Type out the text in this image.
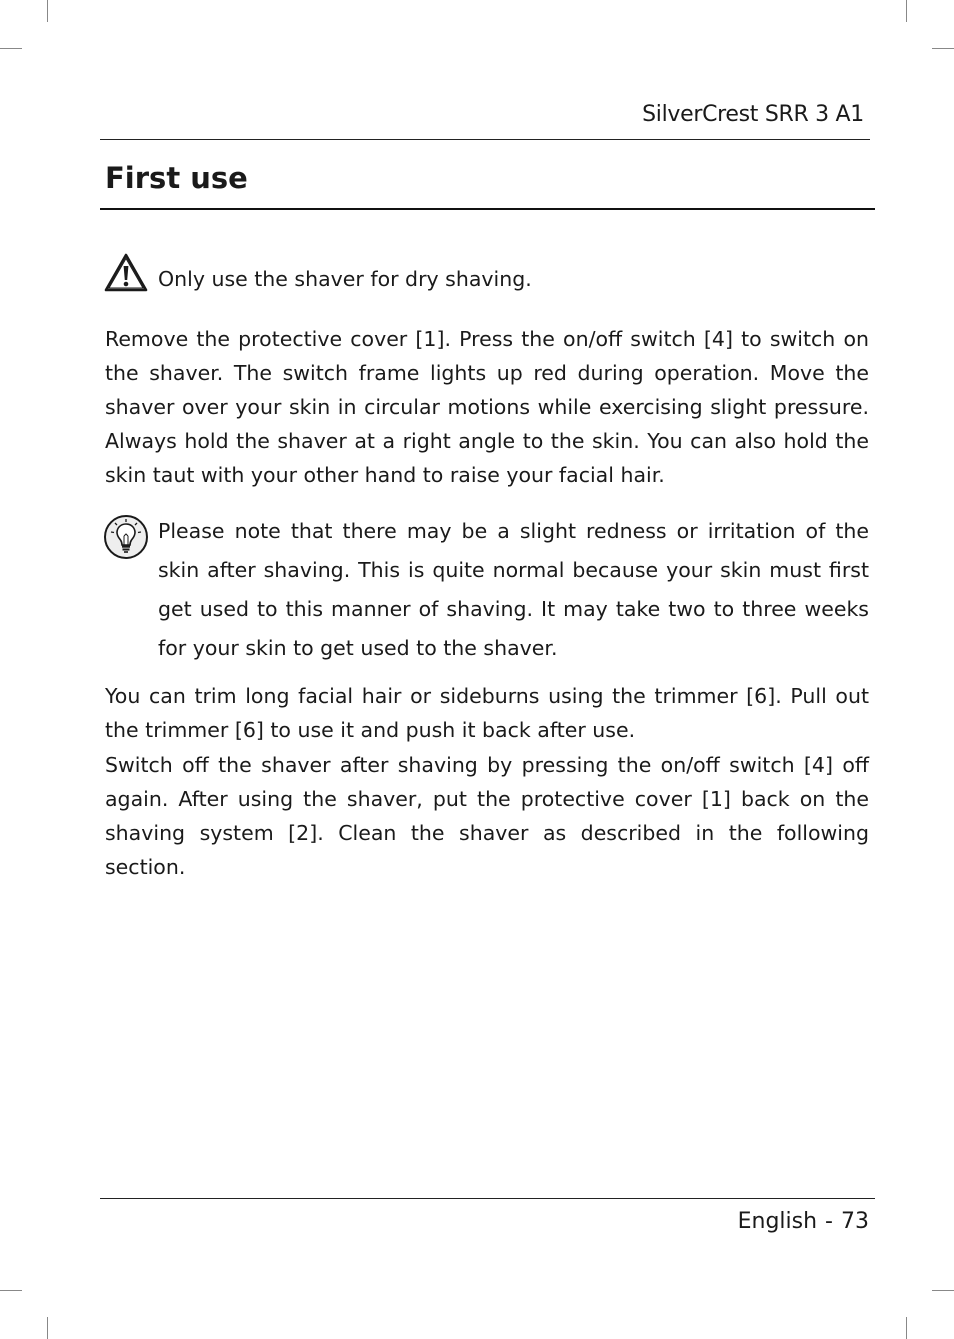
SilverCrest SRR 3 A1
First use
Only use the shaver for dry shaving.

Remove the protective cover [1]. Press the on/off switch [4] to switch on the shaver. The switch frame lights up red during operation. Move the shaver over your skin in circular motions while exercising slight pressure. Always hold the shaver at a right angle to the skin. You can also hold the skin taut with your other hand to raise your facial hair.

Please note that there may be a slight redness or irritation of the skin after shaving. This is quite normal because your skin must first get used to this manner of shaving. It may take two to three weeks for your skin to get used to the shaver.

You can trim long facial hair or sideburns using the trimmer [6]. Pull out the trimmer [6] to use it and push it back after use.

Switch off the shaver after shaving by pressing the on/off switch [4] off again. After using the shaver, put the protective cover [1] back on the shaving system [2]. Clean the shaver as described in the following section.

English - 73
